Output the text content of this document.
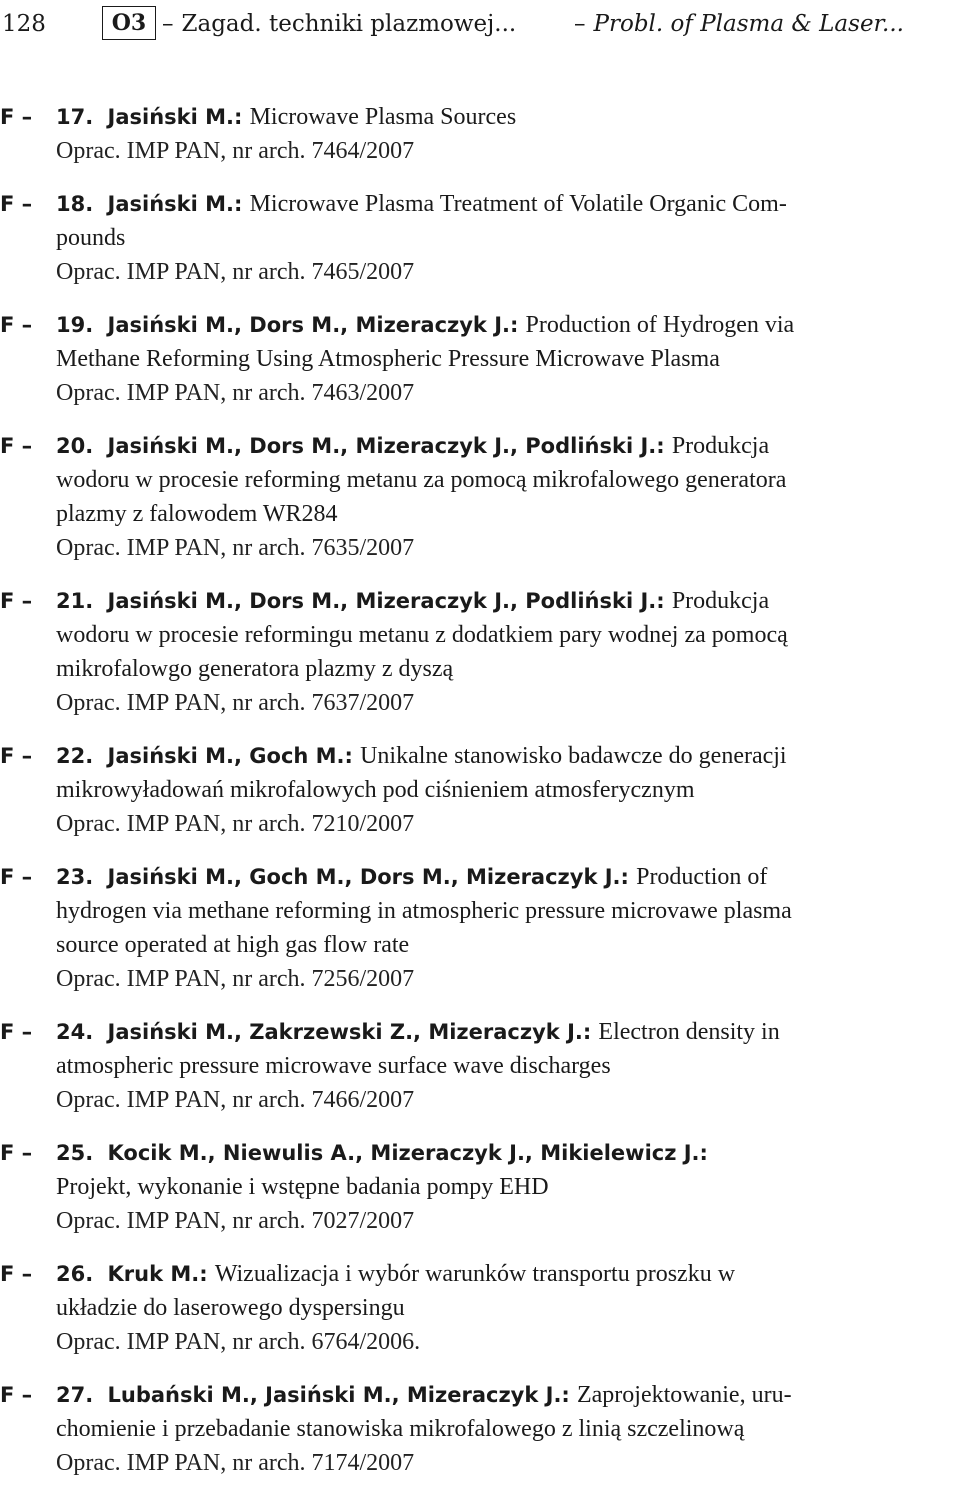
128	O3 – Zagad. techniki plazmowej...	– Probl. of Plasma & Laser...
F –	17.
Jasiński M.:
Microwave Plasma Sources
Oprac. IMP PAN, nr arch. 7464/2007
F –	18.
Jasiński M.:
Microwave Plasma Treatment of Volatile Organic Com-
pounds
Oprac. IMP PAN, nr arch. 7465/2007
F –	19.
Jasiński M., Dors M., Mizeraczyk J.:
Production of Hydrogen via
Methane Reforming Using Atmospheric Pressure Microwave Plasma
Oprac. IMP PAN, nr arch. 7463/2007
F –	20.
Jasiński M., Dors M., Mizeraczyk J., Podliński J.:
Produkcja
wodoru w procesie reforming metanu za pomocą mikrofalowego generatora
plazmy z falowodem WR284
Oprac. IMP PAN, nr arch. 7635/2007
F –	21.
Jasiński M., Dors M., Mizeraczyk J., Podliński J.:
Produkcja
wodoru w procesie reformingu metanu z dodatkiem pary wodnej za pomocą
mikrofalowgo generatora plazmy z dyszą
Oprac. IMP PAN, nr arch. 7637/2007
F –	22.
Jasiński M., Goch M.:
Unikalne stanowisko badawcze do generacji
mikrowyładowań mikrofalowych pod ciśnieniem atmosferycznym
Oprac. IMP PAN, nr arch. 7210/2007
F –	23.
Jasiński M., Goch M., Dors M., Mizeraczyk J.:
Production of
hydrogen via methane reforming in atmospheric pressure microvawe plasma
source operated at high gas flow rate
Oprac. IMP PAN, nr arch. 7256/2007
F –	24.
Jasiński M., Zakrzewski Z., Mizeraczyk J.:
Electron density in
atmospheric pressure microwave surface wave discharges
Oprac. IMP PAN, nr arch. 7466/2007
F –	25.
Kocik M., Niewulis A., Mizeraczyk J., Mikielewicz J.:
Projekt, wykonanie i wstępne badania pompy EHD
Oprac. IMP PAN, nr arch. 7027/2007
F –	26.
Kruk M.:
Wizualizacja i wybór warunków transportu proszku w
układzie do laserowego dyspersingu
Oprac. IMP PAN, nr arch. 6764/2006.
F –	27.
Lubański M., Jasiński M., Mizeraczyk J.:
Zaprojektowanie, uru-
chomienie i przebadanie stanowiska mikrofalowego z linią szczelinową
Oprac. IMP PAN, nr arch. 7174/2007
